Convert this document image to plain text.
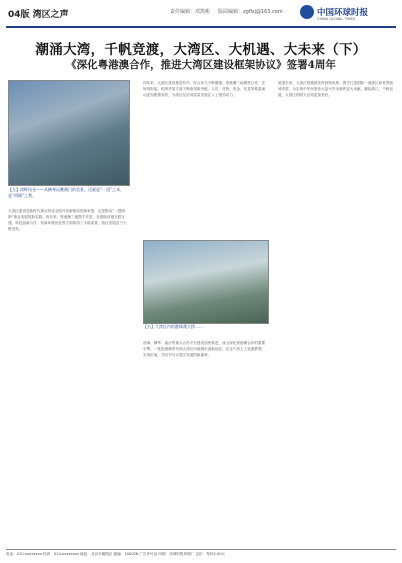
04版 湾区之声	责任编辑：邓凯彬 版面编辑：zgflsj@163.com	中国环球时报
CHINA GLOBAL TIMES
潮涌大湾，千帆竞渡，大湾区、大机遇、大未来（下）
《深化粤港澳合作，推进大湾区建设框架协议》签署4周年
【左】湾畔风光——从横琴远眺澳门的美景，这就是“一国”之本，是“两制”之利。
大湾区建设是新时代推动形成全面开放新格局的新举措，也是推动“一国两制”事业发展的新实践。四年来，粤港澳三地携手并进，在基础设施互联互通、科技创新合作、营商环境优化等方面取得了丰硕成果，湾区发展活力不断迸发。
四年来，大湾区建设推进有序，综合实力不断增强。粤港澳三地紧密合作，在规则衔接、机制对接方面不断取得新突破，人员、货物、资金、信息等要素流动更加便捷高效，为湾区经济高质量发展注入了强劲动力。
【右】大湾区内的港珠澳大桥……
前海、横琴、南沙等重大合作平台建设加快推进，成为深化粤港澳合作的重要引擎。一批批港澳青年到大湾区内地城市创新创业，在这片热土上追逐梦想、实现价值，共同书写大湾区发展的新篇章。
展望未来，大湾区将继续发挥独特优势，携手打造国际一流湾区和世界级城市群，为实现中华民族伟大复兴作出新的更大贡献。潮起珠江，千帆竞渡，大湾区的明天必将更加美好。
电话：010-xxxxxxxx 传真：010-xxxxxxxx 地址：北京市朝阳区 邮编：100026 广告许可证 印刷：环球时报印刷厂 定价：每份2.00元
